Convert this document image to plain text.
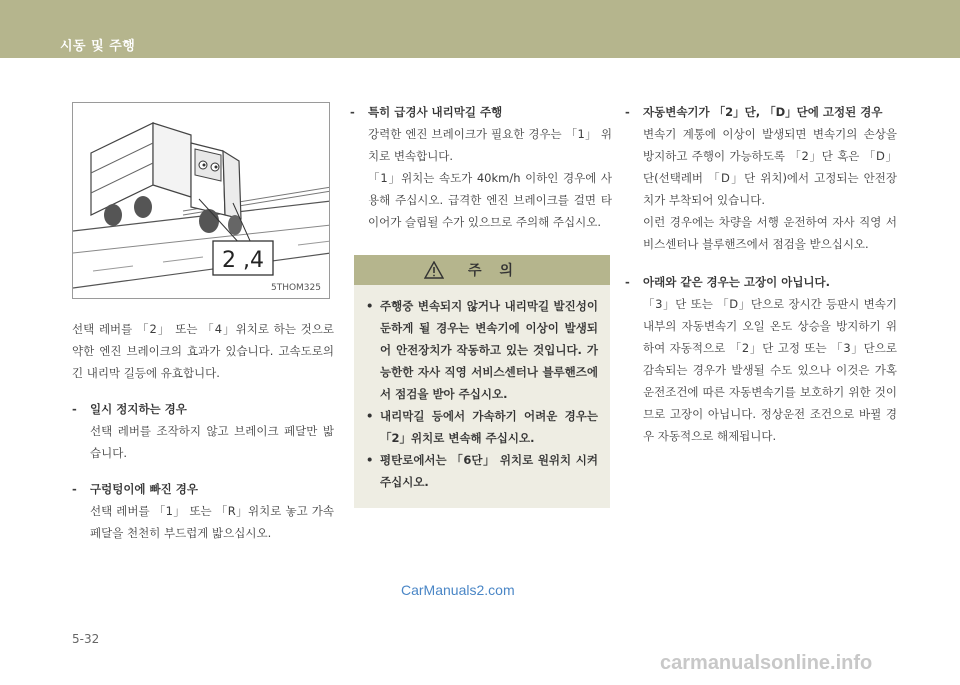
시동 및 주행
2 ,4
5THOM325

선택 레버를 「2」 또는 「4」위치로 하는 것으로 약한 엔진 브레이크의 효과가 있습니다. 고속도로의 긴 내리막 길등에 유효합니다.

- 일시 정지하는 경우
선택 레버를 조작하지 않고 브레이크 페달만 밟습니다.
- 구렁텅이에 빠진 경우
선택 레버를 「1」 또는 「R」위치로 놓고 가속 페달을 천천히 부드럽게 밟으십시오.
- 특히 급경사 내리막길 주행

강력한 엔진 브레이크가 필요한 경우는 「1」 위치로 변속합니다.

「1」위치는 속도가 40km/h 이하인 경우에 사용해 주십시오. 급격한 엔진 브레이크를 걸면 타이어가 슬립될 수가 있으므로 주의해 주십시오.

주의
• 주행중 변속되지 않거나 내리막길 발진성이 둔하게 될 경우는 변속기에 이상이 발생되어 안전장치가 작동하고 있는 것입니다. 가능한한 자사 직영 서비스센터나 블루핸즈에서 점검을 받아 주십시오.
• 내리막길 등에서 가속하기 어려운 경우는 「2」위치로 변속해 주십시오.
• 평탄로에서는 「6단」 위치로 원위치 시켜 주십시오.
- 자동변속기가 「2」단, 「D」단에 고정된 경우

변속기 계통에 이상이 발생되면 변속기의 손상을 방지하고 주행이 가능하도록 「2」단 혹은 「D」단(선택레버 「D」단 위치)에서 고정되는 안전장치가 부착되어 있습니다.

이런 경우에는 차량을 서행 운전하여 자사 직영 서비스센터나 블루핸즈에서 점검을 받으십시오.

- 아래와 같은 경우는 고장이 아닙니다.

「3」단 또는 「D」단으로 장시간 등판시 변속기 내부의 자동변속기 오일 온도 상승을 방지하기 위하여 자동적으로 「2」단 고정 또는 「3」단으로 감속되는 경우가 발생될 수도 있으나 이것은 가혹 운전조건에 따른 자동변속기를 보호하기 위한 것이므로 고장이 아닙니다. 정상운전 조건으로 바뀔 경우 자동적으로 해제됩니다.

CarManuals2.com
5-32
carmanualsonline.info
